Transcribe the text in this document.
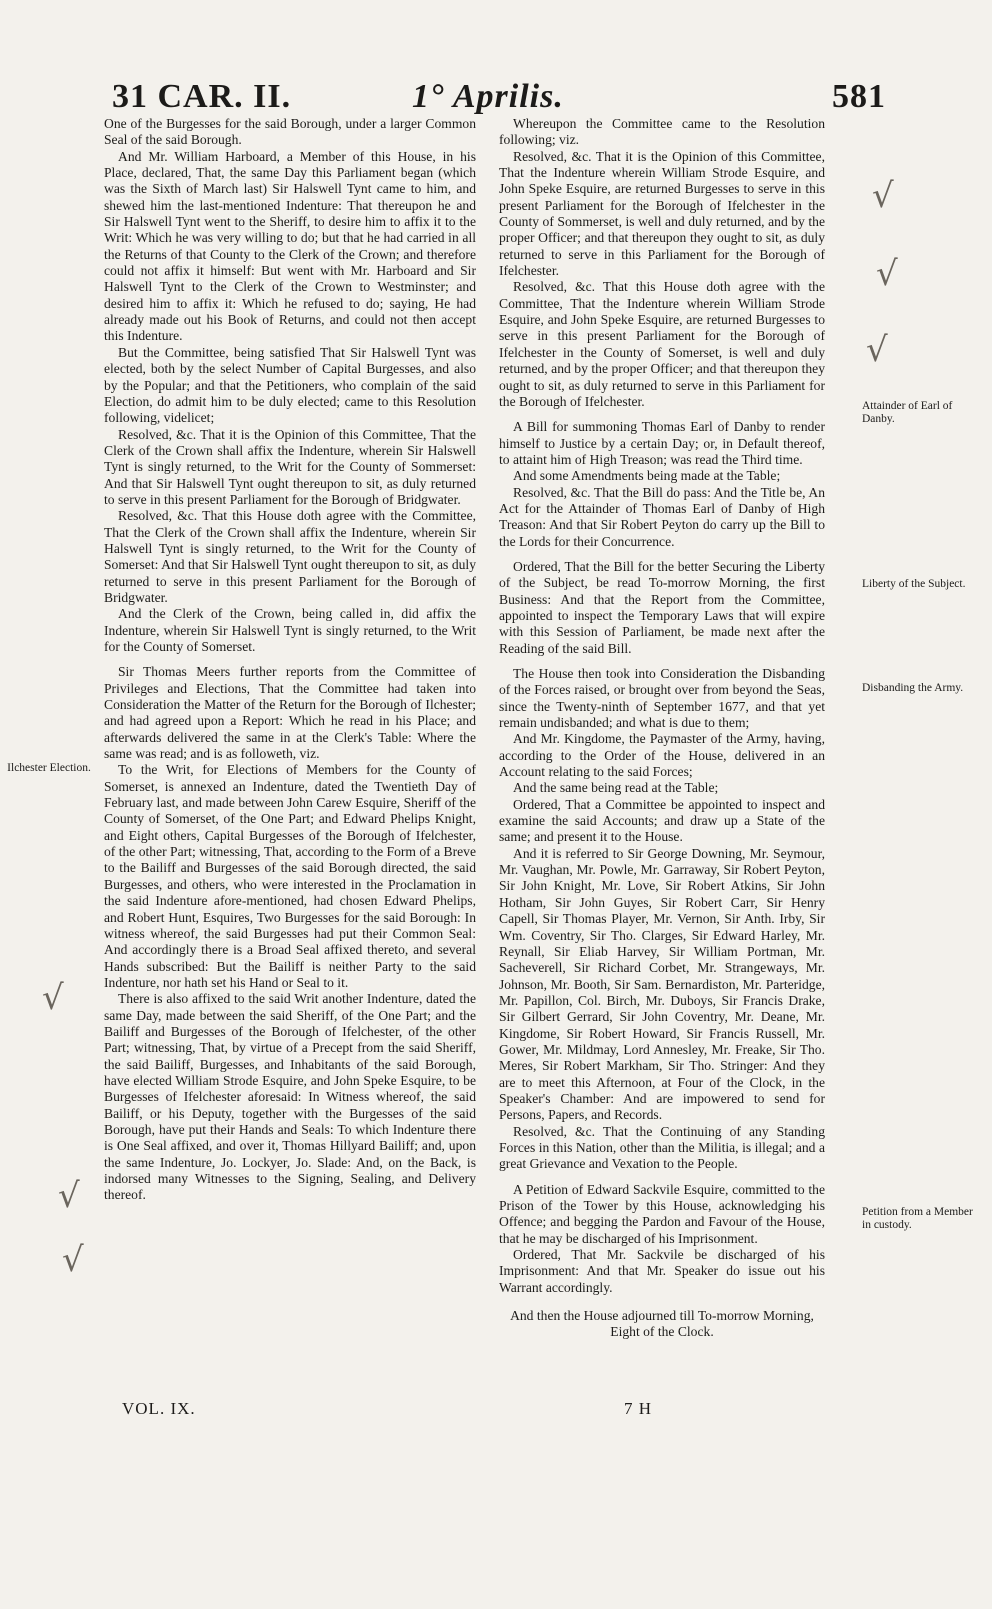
31 CAR. II.	1° Aprilis.	581

One of the Burgesses for the said Borough, under a larger Common Seal of the said Borough.

And Mr. William Harboard, a Member of this House, in his Place, declared, That, the same Day this Parliament began (which was the Sixth of March last) Sir Halswell Tynt came to him, and shewed him the last-mentioned Indenture: That thereupon he and Sir Halswell Tynt went to the Sheriff, to desire him to affix it to the Writ: Which he was very willing to do; but that he had carried in all the Returns of that County to the Clerk of the Crown; and therefore could not affix it himself: But went with Mr. Harboard and Sir Halswell Tynt to the Clerk of the Crown to Westminster; and desired him to affix it: Which he refused to do; saying, He had already made out his Book of Returns, and could not then accept this Indenture.

But the Committee, being satisfied That Sir Halswell Tynt was elected, both by the select Number of Capital Burgesses, and also by the Popular; and that the Petitioners, who complain of the said Election, do admit him to be duly elected; came to this Resolution following, videlicet;

Resolved, &c. That it is the Opinion of this Committee, That the Clerk of the Crown shall affix the Indenture, wherein Sir Halswell Tynt is singly returned, to the Writ for the County of Sommerset: And that Sir Halswell Tynt ought thereupon to sit, as duly returned to serve in this present Parliament for the Borough of Bridgwater.

Resolved, &c. That this House doth agree with the Committee, That the Clerk of the Crown shall affix the Indenture, wherein Sir Halswell Tynt is singly returned, to the Writ for the County of Somerset: And that Sir Halswell Tynt ought thereupon to sit, as duly returned to serve in this present Parliament for the Borough of Bridgwater.

And the Clerk of the Crown, being called in, did affix the Indenture, wherein Sir Halswell Tynt is singly returned, to the Writ for the County of Somerset.

Sir Thomas Meers further reports from the Committee of Privileges and Elections, That the Committee had taken into Consideration the Matter of the Return for the Borough of Ilchester; and had agreed upon a Report: Which he read in his Place; and afterwards delivered the same in at the Clerk's Table: Where the same was read; and is as followeth, viz.

To the Writ, for Elections of Members for the County of Somerset, is annexed an Indenture, dated the Twentieth Day of February last, and made between John Carew Esquire, Sheriff of the County of Somerset, of the One Part; and Edward Phelips Knight, and Eight others, Capital Burgesses of the Borough of Ifelchester, of the other Part; witnessing, That, according to the Form of a Breve to the Bailiff and Burgesses of the said Borough directed, the said Burgesses, and others, who were interested in the Proclamation in the said Indenture afore-mentioned, had chosen Edward Phelips, and Robert Hunt, Esquires, Two Burgesses for the said Borough: In witness whereof, the said Burgesses had put their Common Seal: And accordingly there is a Broad Seal affixed thereto, and several Hands subscribed: But the Bailiff is neither Party to the said Indenture, nor hath set his Hand or Seal to it.

There is also affixed to the said Writ another Indenture, dated the same Day, made between the said Sheriff, of the One Part; and the Bailiff and Burgesses of the Borough of Ifelchester, of the other Part; witnessing, That, by virtue of a Precept from the said Sheriff, the said Bailiff, Burgesses, and Inhabitants of the said Borough, have elected William Strode Esquire, and John Speke Esquire, to be Burgesses of Ifelchester aforesaid: In Witness whereof, the said Bailiff, or his Deputy, together with the Burgesses of the said Borough, have put their Hands and Seals: To which Indenture there is One Seal affixed, and over it, Thomas Hillyard Bailiff; and, upon the same Indenture, Jo. Lockyer, Jo. Slade: And, on the Back, is indorsed many Witnesses to the Signing, Sealing, and Delivery thereof.

Whereupon the Committee came to the Resolution following; viz.

Resolved, &c. That it is the Opinion of this Committee, That the Indenture wherein William Strode Esquire, and John Speke Esquire, are returned Burgesses to serve in this present Parliament for the Borough of Ifelchester in the County of Sommerset, is well and duly returned, and by the proper Officer; and that thereupon they ought to sit, as duly returned to serve in this Parliament for the Borough of Ifelchester.

Resolved, &c. That this House doth agree with the Committee, That the Indenture wherein William Strode Esquire, and John Speke Esquire, are returned Burgesses to serve in this present Parliament for the Borough of Ifelchester in the County of Somerset, is well and duly returned, and by the proper Officer; and that thereupon they ought to sit, as duly returned to serve in this Parliament for the Borough of Ifelchester.

A Bill for summoning Thomas Earl of Danby to render himself to Justice by a certain Day; or, in Default thereof, to attaint him of High Treason; was read the Third time.

And some Amendments being made at the Table;

Resolved, &c. That the Bill do pass: And the Title be, An Act for the Attainder of Thomas Earl of Danby of High Treason: And that Sir Robert Peyton do carry up the Bill to the Lords for their Concurrence.

Ordered, That the Bill for the better Securing the Liberty of the Subject, be read To-morrow Morning, the first Business: And that the Report from the Committee, appointed to inspect the Temporary Laws that will expire with this Session of Parliament, be made next after the Reading of the said Bill.

The House then took into Consideration the Disbanding of the Forces raised, or brought over from beyond the Seas, since the Twenty-ninth of September 1677, and that yet remain undisbanded; and what is due to them;

And Mr. Kingdome, the Paymaster of the Army, having, according to the Order of the House, delivered in an Account relating to the said Forces;

And the same being read at the Table;

Ordered, That a Committee be appointed to inspect and examine the said Accounts; and draw up a State of the same; and present it to the House.

And it is referred to Sir George Downing, Mr. Seymour, Mr. Vaughan, Mr. Powle, Mr. Garraway, Sir Robert Peyton, Sir John Knight, Mr. Love, Sir Robert Atkins, Sir John Hotham, Sir John Guyes, Sir Robert Carr, Sir Henry Capell, Sir Thomas Player, Mr. Vernon, Sir Anth. Irby, Sir Wm. Coventry, Sir Tho. Clarges, Sir Edward Harley, Mr. Reynall, Sir Eliab Harvey, Sir William Portman, Mr. Sacheverell, Sir Richard Corbet, Mr. Strangeways, Mr. Johnson, Mr. Booth, Sir Sam. Bernardiston, Mr. Parteridge, Mr. Papillon, Col. Birch, Mr. Duboys, Sir Francis Drake, Sir Gilbert Gerrard, Sir John Coventry, Mr. Deane, Mr. Kingdome, Sir Robert Howard, Sir Francis Russell, Mr. Gower, Mr. Mildmay, Lord Annesley, Mr. Freake, Sir Tho. Meres, Sir Robert Markham, Sir Tho. Stringer: And they are to meet this Afternoon, at Four of the Clock, in the Speaker's Chamber: And are impowered to send for Persons, Papers, and Records.

Resolved, &c. That the Continuing of any Standing Forces in this Nation, other than the Militia, is illegal; and a great Grievance and Vexation to the People.

A Petition of Edward Sackvile Esquire, committed to the Prison of the Tower by this House, acknowledging his Offence; and begging the Pardon and Favour of the House, that he may be discharged of his Imprisonment.

Ordered, That Mr. Sackvile be discharged of his Imprisonment: And that Mr. Speaker do issue out his Warrant accordingly.

And then the House adjourned till To-morrow Morning, Eight of the Clock.

Ilchester Election.
Attainder of Earl of Danby.
Liberty of the Subject.
Disbanding the Army.
Petition from a Member in custody.
√
√
√
√
√
√
VOL. IX.	7 H
